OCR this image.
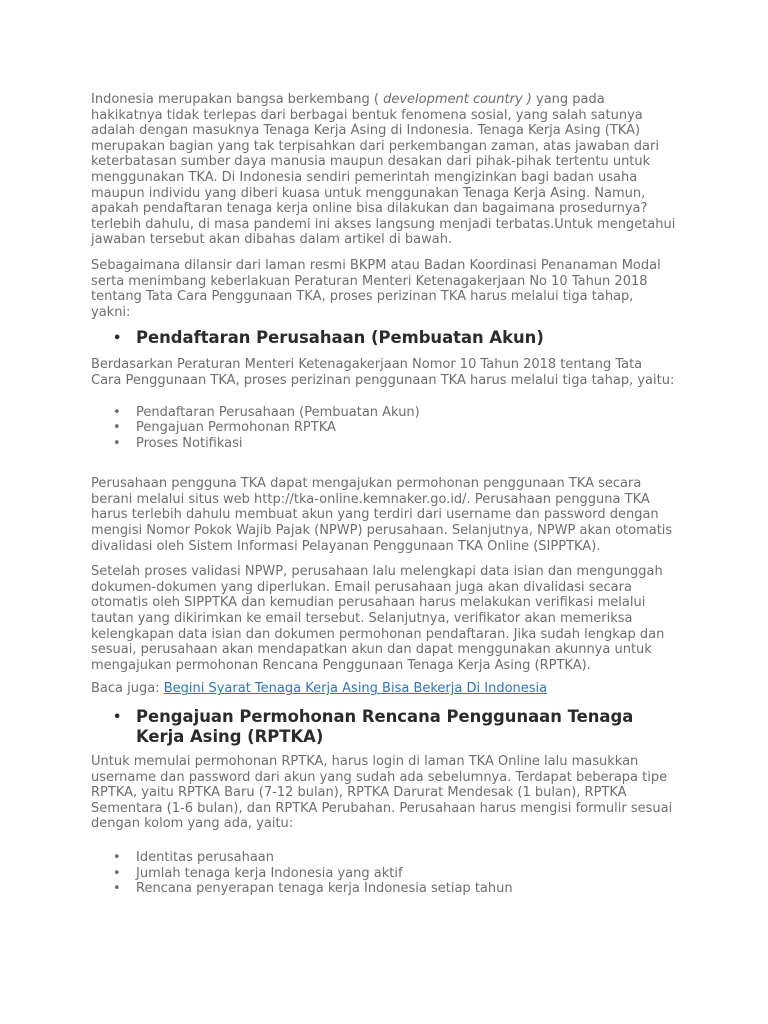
Indonesia merupakan bangsa berkembang ( development country ) yang pada hakikatnya tidak terlepas dari berbagai bentuk fenomena sosial, yang salah satunya adalah dengan masuknya Tenaga Kerja Asing di Indonesia. Tenaga Kerja Asing (TKA) merupakan bagian yang tak terpisahkan dari perkembangan zaman, atas jawaban dari keterbatasan sumber daya manusia maupun desakan dari pihak-pihak tertentu untuk menggunakan TKA. Di Indonesia sendiri pemerintah mengizinkan bagi badan usaha maupun individu yang diberi kuasa untuk menggunakan Tenaga Kerja Asing. Namun, apakah pendaftaran tenaga kerja online bisa dilakukan dan bagaimana prosedurnya? terlebih dahulu, di masa pandemi ini akses langsung menjadi terbatas.Untuk mengetahui jawaban tersebut akan dibahas dalam artikel di bawah.

Sebagaimana dilansir dari laman resmi BKPM atau Badan Koordinasi Penanaman Modal serta menimbang keberlakuan Peraturan Menteri Ketenagakerjaan No 10 Tahun 2018 tentang Tata Cara Penggunaan TKA, proses perizinan TKA harus melalui tiga tahap, yakni:

• Pendaftaran Perusahaan (Pembuatan Akun)

Berdasarkan Peraturan Menteri Ketenagakerjaan Nomor 10 Tahun 2018 tentang Tata Cara Penggunaan TKA, proses perizinan penggunaan TKA harus melalui tiga tahap, yaitu:

• Pendaftaran Perusahaan (Pembuatan Akun)
• Pengajuan Permohonan RPTKA
• Proses Notifikasi

Perusahaan pengguna TKA dapat mengajukan permohonan penggunaan TKA secara berani melalui situs web http://tka-online.kemnaker.go.id/. Perusahaan pengguna TKA harus terlebih dahulu membuat akun yang terdiri dari username dan password dengan mengisi Nomor Pokok Wajib Pajak (NPWP) perusahaan. Selanjutnya, NPWP akan otomatis divalidasi oleh Sistem Informasi Pelayanan Penggunaan TKA Online (SIPPTKA).

Setelah proses validasi NPWP, perusahaan lalu melengkapi data isian dan mengunggah dokumen-dokumen yang diperlukan. Email perusahaan juga akan divalidasi secara otomatis oleh SIPPTKA dan kemudian perusahaan harus melakukan verifikasi melalui tautan yang dikirimkan ke email tersebut. Selanjutnya, verifikator akan memeriksa kelengkapan data isian dan dokumen permohonan pendaftaran. Jika sudah lengkap dan sesuai, perusahaan akan mendapatkan akun dan dapat menggunakan akunnya untuk mengajukan permohonan Rencana Penggunaan Tenaga Kerja Asing (RPTKA).

Baca juga: Begini Syarat Tenaga Kerja Asing Bisa Bekerja Di Indonesia

• Pengajuan Permohonan Rencana Penggunaan Tenaga Kerja Asing (RPTKA)

Untuk memulai permohonan RPTKA, harus login di laman TKA Online lalu masukkan username dan password dari akun yang sudah ada sebelumnya. Terdapat beberapa tipe RPTKA, yaitu RPTKA Baru (7-12 bulan), RPTKA Darurat Mendesak (1 bulan), RPTKA Sementara (1-6 bulan), dan RPTKA Perubahan. Perusahaan harus mengisi formulir sesuai dengan kolom yang ada, yaitu:

• Identitas perusahaan
• Jumlah tenaga kerja Indonesia yang aktif
• Rencana penyerapan tenaga kerja Indonesia setiap tahun
